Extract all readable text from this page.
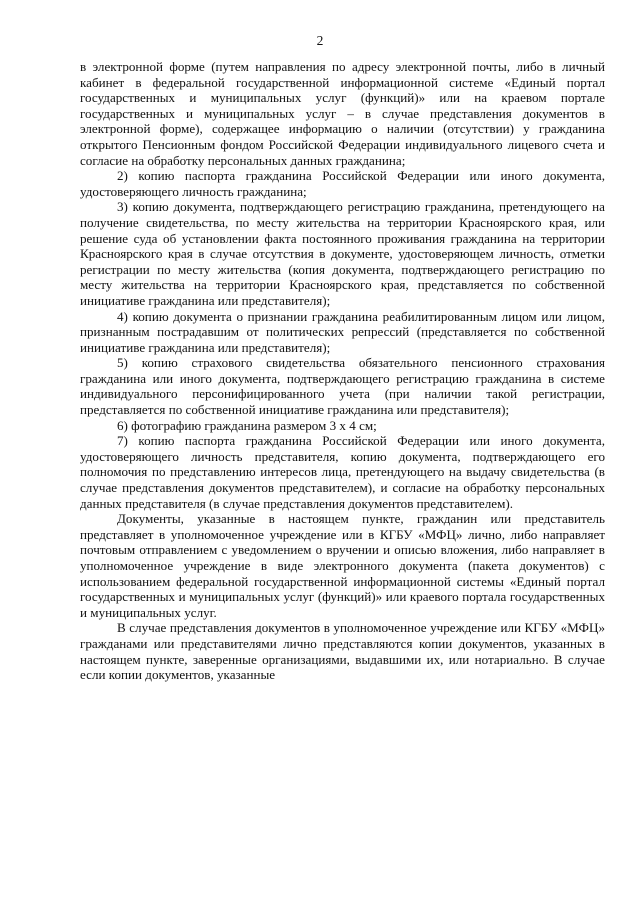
2

в электронной форме (путем направления по адресу электронной почты, либо в личный кабинет в федеральной государственной информационной системе «Единый портал государственных и муниципальных услуг (функций)» или на краевом портале государственных и муниципальных услуг – в случае представления документов в электронной форме), содержащее информацию о наличии (отсутствии) у гражданина открытого Пенсионным фондом Российской Федерации индивидуального лицевого счета и согласие на обработку персональных данных гражданина;

2) копию паспорта гражданина Российской Федерации или иного документа, удостоверяющего личность гражданина;

3) копию документа, подтверждающего регистрацию гражданина, претендующего на получение свидетельства, по месту жительства на территории Красноярского края, или решение суда об установлении факта постоянного проживания гражданина на территории Красноярского края в случае отсутствия в документе, удостоверяющем личность, отметки регистрации по месту жительства (копия документа, подтверждающего регистрацию по месту жительства на территории Красноярского края, представляется по собственной инициативе гражданина или представителя);

4) копию документа о признании гражданина реабилитированным лицом или лицом, признанным пострадавшим от политических репрессий (представляется по собственной инициативе гражданина или представителя);

5) копию страхового свидетельства обязательного пенсионного страхования гражданина или иного документа, подтверждающего регистрацию гражданина в системе индивидуального персонифицированного учета (при наличии такой регистрации, представляется по собственной инициативе гражданина или представителя);

6) фотографию гражданина размером 3 х 4 см;

7) копию паспорта гражданина Российской Федерации или иного документа, удостоверяющего личность представителя, копию документа, подтверждающего его полномочия по представлению интересов лица, претендующего на выдачу свидетельства (в случае представления документов представителем), и согласие на обработку персональных данных представителя (в случае представления документов представителем).

Документы, указанные в настоящем пункте, гражданин или представитель представляет в уполномоченное учреждение или в КГБУ «МФЦ» лично, либо направляет почтовым отправлением с уведомлением о вручении и описью вложения, либо направляет в уполномоченное учреждение в виде электронного документа (пакета документов) с использованием федеральной государственной информационной системы «Единый портал государственных и муниципальных услуг (функций)» или краевого портала государственных и муниципальных услуг.

В случае представления документов в уполномоченное учреждение или КГБУ «МФЦ» гражданами или представителями лично представляются копии документов, указанных в настоящем пункте, заверенные организациями, выдавшими их, или нотариально. В случае если копии документов, указанные
